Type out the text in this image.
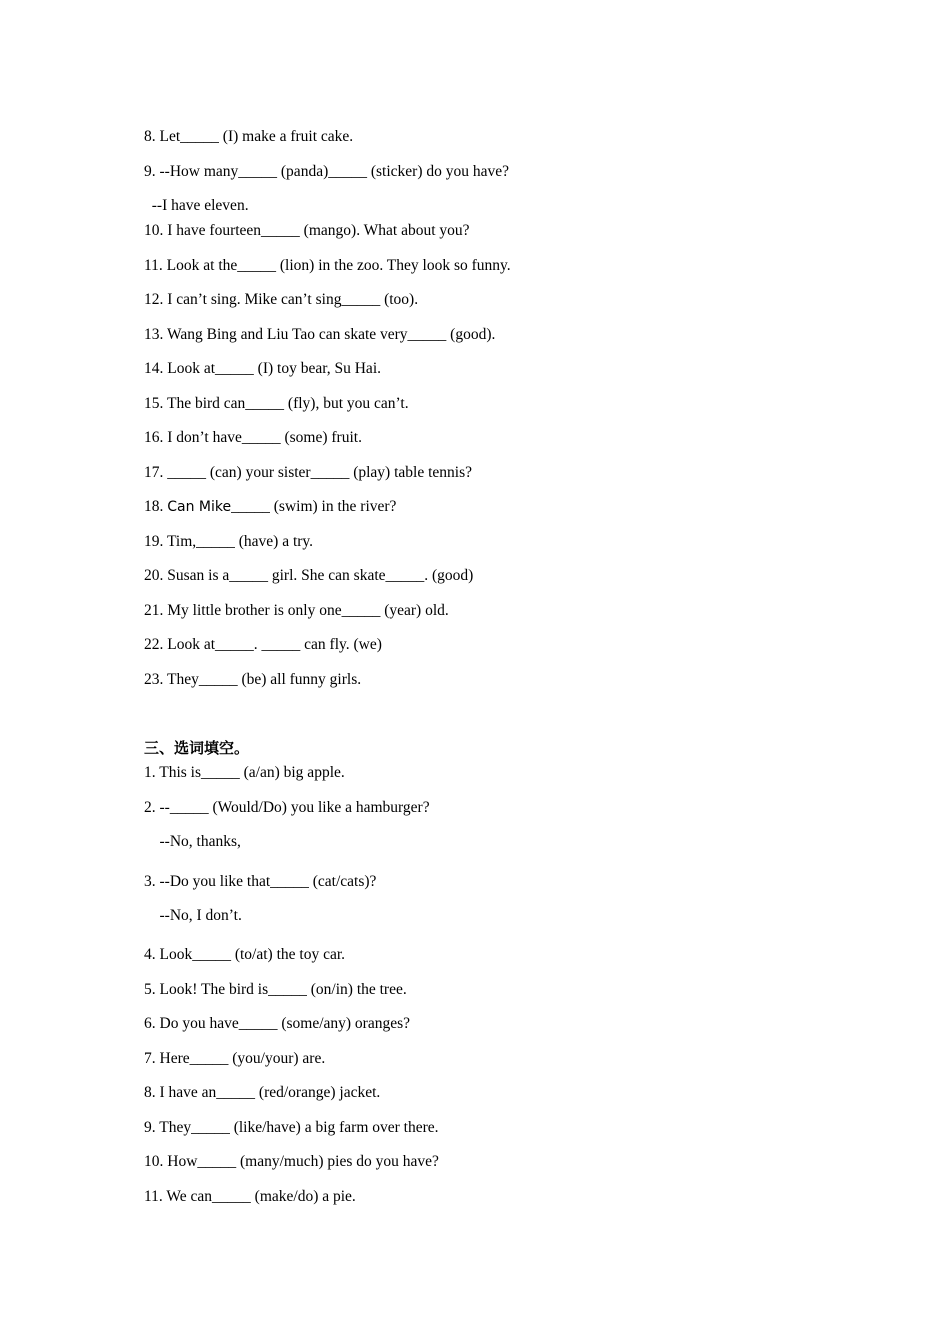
8. Let_____ (I) make a fruit cake.
9. --How many_____ (panda)_____ (sticker) do you have?
--I have eleven.
10. I have fourteen_____ (mango). What about you?
11. Look at the_____ (lion) in the zoo. They look so funny.
12. I can’t sing. Mike can’t sing_____ (too).
13. Wang Bing and Liu Tao can skate very_____ (good).
14. Look at_____ (I) toy bear, Su Hai.
15. The bird can_____ (fly), but you can’t.
16. I don’t have_____ (some) fruit.
17. _____ (can) your sister_____ (play) table tennis?
18. Can Mike_____ (swim) in the river?
19. Tim,_____ (have) a try.
20. Susan is a_____ girl. She can skate_____. (good)
21. My little brother is only one_____ (year) old.
22. Look at_____. _____ can fly. (we)
23. They_____ (be) all funny girls.
三、选词填空。
1. This is_____ (a/an) big apple.
2. --_____ (Would/Do) you like a hamburger?
--No, thanks,
3. --Do you like that_____ (cat/cats)?
--No, I don’t.
4. Look_____ (to/at) the toy car.
5. Look! The bird is_____ (on/in) the tree.
6. Do you have_____ (some/any) oranges?
7. Here_____ (you/your) are.
8. I have an_____ (red/orange) jacket.
9. They_____ (like/have) a big farm over there.
10. How_____ (many/much) pies do you have?
11. We can_____ (make/do) a pie.
